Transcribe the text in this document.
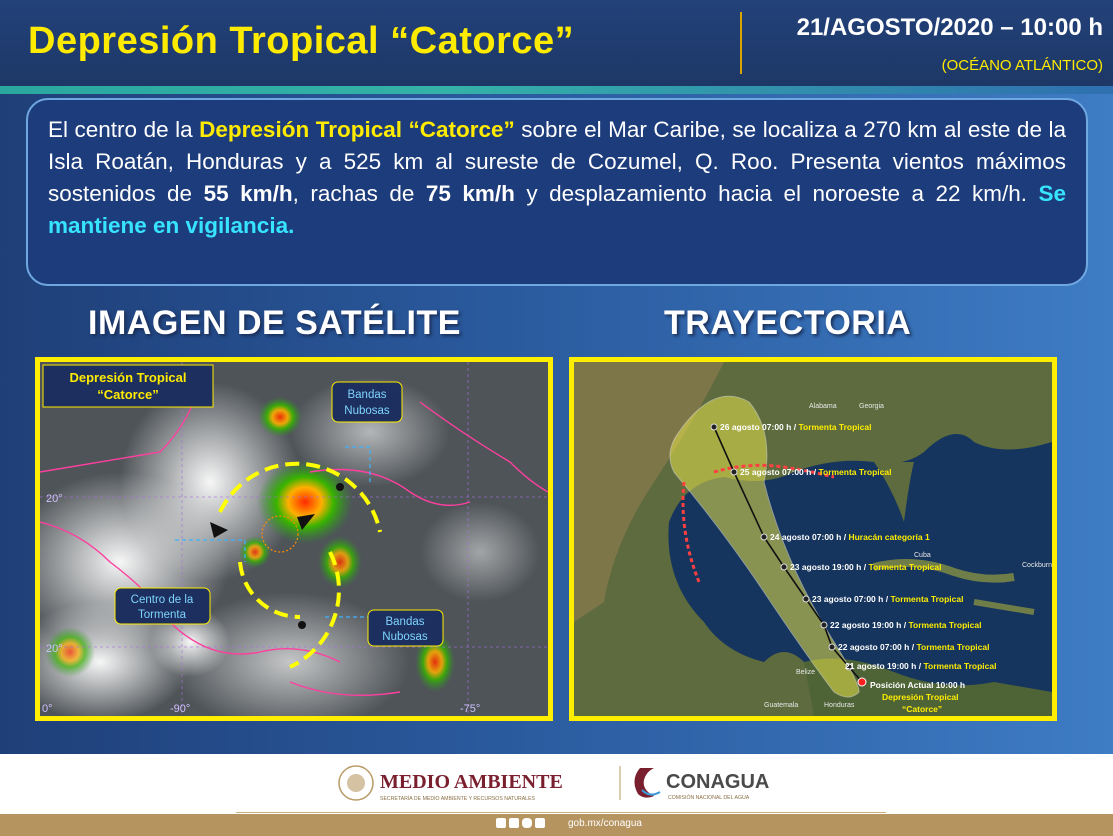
Depresión Tropical “Catorce”	21/AGOSTO/2020 – 10:00 h
(OCÉANO ATLÁNTICO)

El centro de la Depresión Tropical “Catorce” sobre el Mar Caribe, se localiza a 270 km al este de la Isla Roatán, Honduras y a 525 km al sureste de Cozumel, Q. Roo. Presenta vientos máximos sostenidos de 55 km/h, rachas de 75 km/h y desplazamiento hacia el noroeste a 22 km/h. Se mantiene en vigilancia.

IMAGEN DE SATÉLITE	TRAYECTORIA
Depresión Tropical
“Catorce”	Bandas
Nubosas
Centro de la
Tormenta
Bandas
Nubosas
20°
20°
-90°	-75°
0°
Alabama	Georgia
Cuba
Belize
Guatemala	Honduras
Cockburn
26 agosto 07:00 h / Tormenta Tropical
25 agosto 07:00 h / Tormenta Tropical
24 agosto 07:00 h / Huracán categoría 1
23 agosto 19:00 h / Tormenta Tropical
23 agosto 07:00 h / Tormenta Tropical
22 agosto 19:00 h / Tormenta Tropical
22 agosto 07:00 h / Tormenta Tropical
21 agosto 19:00 h / Tormenta Tropical
Posición Actual 10:00 h
Depresión Tropical
“Catorce”
MEDIO AMBIENTE
SECRETARÍA DE MEDIO AMBIENTE Y RECURSOS NATURALES
CONAGUA
COMISIÓN NACIONAL DEL AGUA
gob.mx/conagua
